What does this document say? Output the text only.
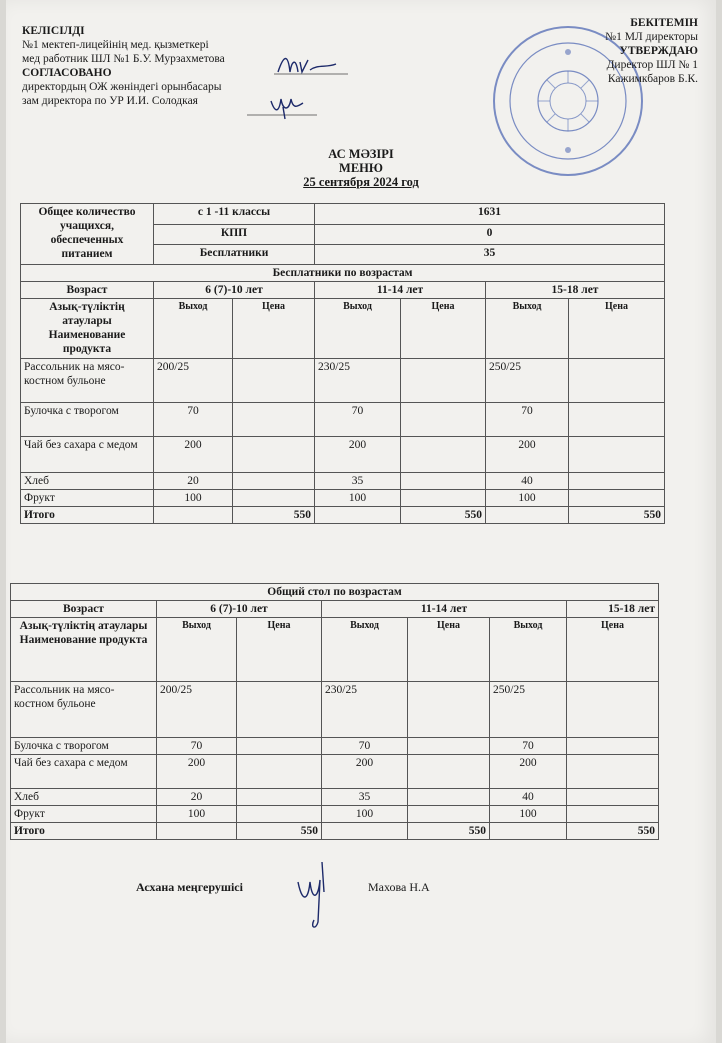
КЕЛІСІЛДІ
№1 мектеп-лицейінің мед. қызметкері
мед работник ШЛ №1 Б.У. Мурзахметова
СОГЛАСОВАНО
директордың ОЖ жөніндегі орынбасары
зам директора по УР И.И. Солодкая
БЕКІТЕМІН
№1 МЛ директоры
УТВЕРЖДАЮ
Директор ШЛ № 1
Кажимкбаров Б.К.
АС МӘЗІРІ
МЕНЮ
25 сентября 2024 год
Общее количество учащихся, обеспеченных питанием	с 1 -11 классы		1631			
	КПП		0			
	Бесплатники		35			
Бесплатники по возрастам						
Возраст	6 (7)-10 лет		11-14 лет		15-18 лет	
Азық-түліктің атаулары Наименование продукта	Выход	Цена	Выход	Цена	Выход	Цена
Рассольник на мясо-костном бульоне	200/25		230/25		250/25	
Булочка с творогом	70		70		70	
Чай без сахара с медом	200		200		200	
Хлеб	20		35		40	
Фрукт	100		100		100	
Итого		550		550		550
Общий стол по возрастам						
Возраст	6 (7)-10 лет		11-14 лет			15-18 лет
Азық-түліктің атаулары Наименование продукта	Выход	Цена	Выход	Цена	Выход	Цена
Рассольник на мясо-костном бульоне	200/25		230/25		250/25	
Булочка с творогом	70		70		70	
Чай без сахара с медом	200		200		200	
Хлеб	20		35		40	
Фрукт	100		100		100	
Итого		550		550		550
Асхана меңгерушісі	Махова Н.А
